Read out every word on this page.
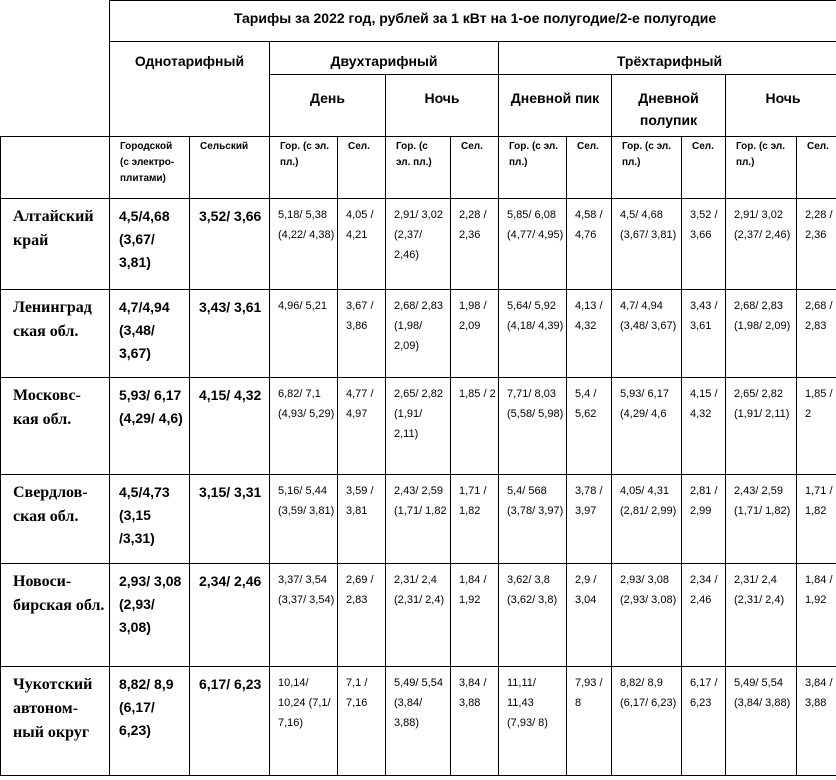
	Тарифы за 2022 год, рублей за 1 кВт на 1-ое полугодие/2-е полугодие											
	Однотарифный		Двухтарифный				Трёхтарифный					
			День		Ночь		Дневной пик		Дневной полупик		Ночь	
	Городской (с электро-плитами)	Сельский	Гор. (с эл. пл.)	Сел.	Гор. (с эл. пл.)	Сел.	Гор. (с эл. пл.)	Сел.	Гор. (с эл. пл.)	Сел.	Гор. (с эл. пл.)	Сел.
Алтайский край	4,5/4,68 (3,67/ 3,81)	3,52/ 3,66	5,18/ 5,38 (4,22/ 4,38)	4,05 / 4,21	2,91/ 3,02 (2,37/ 2,46)	2,28 / 2,36	5,85/ 6,08 (4,77/ 4,95)	4,58 / 4,76	4,5/ 4,68 (3,67/ 3,81)	3,52 / 3,66	2,91/ 3,02 (2,37/ 2,46)	2,28 / 2,36
Ленинград ская обл.	4,7/4,94 (3,48/ 3,67)	3,43/ 3,61	4,96/ 5,21	3,67 / 3,86	2,68/ 2,83 (1,98/ 2,09)	1,98 / 2,09	5,64/ 5,92 (4,18/ 4,39)	4,13 / 4,32	4,7/ 4,94 (3,48/ 3,67)	3,43 / 3,61	2,68/ 2,83 (1,98/ 2,09)	2,68 / 2,83
Московс- кая обл.	5,93/ 6,17 (4,29/ 4,6)	4,15/ 4,32	6,82/ 7,1 (4,93/ 5,29)	4,77 / 4,97	2,65/ 2,82 (1,91/ 2,11)	1,85 / 2	7,71/ 8,03 (5,58/ 5,98)	5,4 / 5,62	5,93/ 6,17 (4,29/ 4,6	4,15 / 4,32	2,65/ 2,82 (1,91/ 2,11)	1,85 / 2
Свердлов- ская обл.	4,5/4,73 (3,15 /3,31)	3,15/ 3,31	5,16/ 5,44 (3,59/ 3,81)	3,59 / 3,81	2,43/ 2,59 (1,71/ 1,82	1,71 / 1,82	5,4/ 568 (3,78/ 3,97)	3,78 / 3,97	4,05/ 4,31 (2,81/ 2,99)	2,81 / 2,99	2,43/ 2,59 (1,71/ 1,82)	1,71 / 1,82
Новоси- бирская обл.	2,93/ 3,08 (2,93/ 3,08)	2,34/ 2,46	3,37/ 3,54 (3,37/ 3,54)	2,69 / 2,83	2,31/ 2,4 (2,31/ 2,4)	1,84 / 1,92	3,62/ 3,8 (3,62/ 3,8)	2,9 / 3,04	2,93/ 3,08 (2,93/ 3,08)	2,34 / 2,46	2,31/ 2,4 (2,31/ 2,4)	1,84 / 1,92
Чукотский автоном- ный округ	8,82/ 8,9 (6,17/ 6,23)	6,17/ 6,23	10,14/ 10,24 (7,1/ 7,16)	7,1 / 7,16	5,49/ 5,54 (3,84/ 3,88)	3,84 / 3,88	11,11/ 11,43 (7,93/ 8)	7,93 / 8	8,82/ 8,9 (6,17/ 6,23)	6,17 / 6,23	5,49/ 5,54 (3,84/ 3,88)	3,84 / 3,88
